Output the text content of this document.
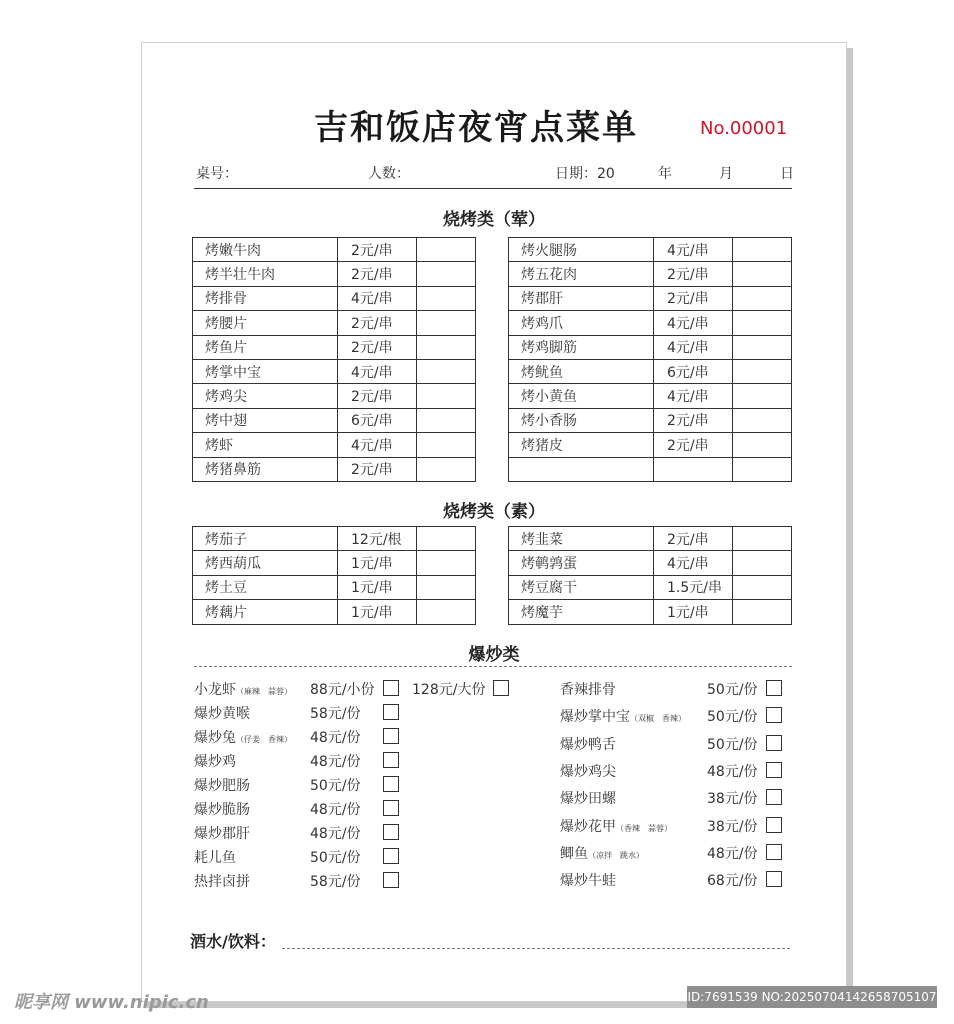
吉和饭店夜宵点菜单	No.00001
桌号：	人数：	日期：20	年	月	日
烧烤类（荤）
烤嫩牛肉	2元/串	
烤半壮牛肉	2元/串	
烤排骨	4元/串	
烤腰片	2元/串	
烤鱼片	2元/串	
烤掌中宝	4元/串	
烤鸡尖	2元/串	
烤中翅	6元/串	
烤虾	4元/串	
烤猪鼻筋	2元/串	
烤火腿肠	4元/串	
烤五花肉	2元/串	
烤郡肝	2元/串	
烤鸡爪	4元/串	
烤鸡脚筋	4元/串	
烤鱿鱼	6元/串	
烤小黄鱼	4元/串	
烤小香肠	2元/串	
烤猪皮	2元/串	

烧烤类（素）
烤茄子	12元/根	
烤西葫瓜	1元/串	
烤土豆	1元/串	
烤藕片	1元/串	
烤韭菜	2元/串	
烤鹌鹑蛋	4元/串	
烤豆腐干	1.5元/串	
烤魔芋	1元/串	
爆炒类
小龙虾（麻辣　蒜蓉） 88元/小份	128元/大份
爆炒黄喉	58元/份
爆炒兔（仔姜　香辣） 48元/份
爆炒鸡	48元/份
爆炒肥肠	50元/份
爆炒脆肠	48元/份
爆炒郡肝	48元/份
耗儿鱼	50元/份
热拌卤拼	58元/份
香辣排骨	50元/份
爆炒掌中宝（双椒　香辣） 50元/份
爆炒鸭舌	50元/份
爆炒鸡尖	48元/份
爆炒田螺	38元/份
爆炒花甲（香辣　蒜蓉）	38元/份
鲫鱼（凉拌　跳水）	48元/份
爆炒牛蛙	68元/份
酒水/饮料：
昵享网 www.nipic.cn	ID:7691539 NO:20250704142658705107
